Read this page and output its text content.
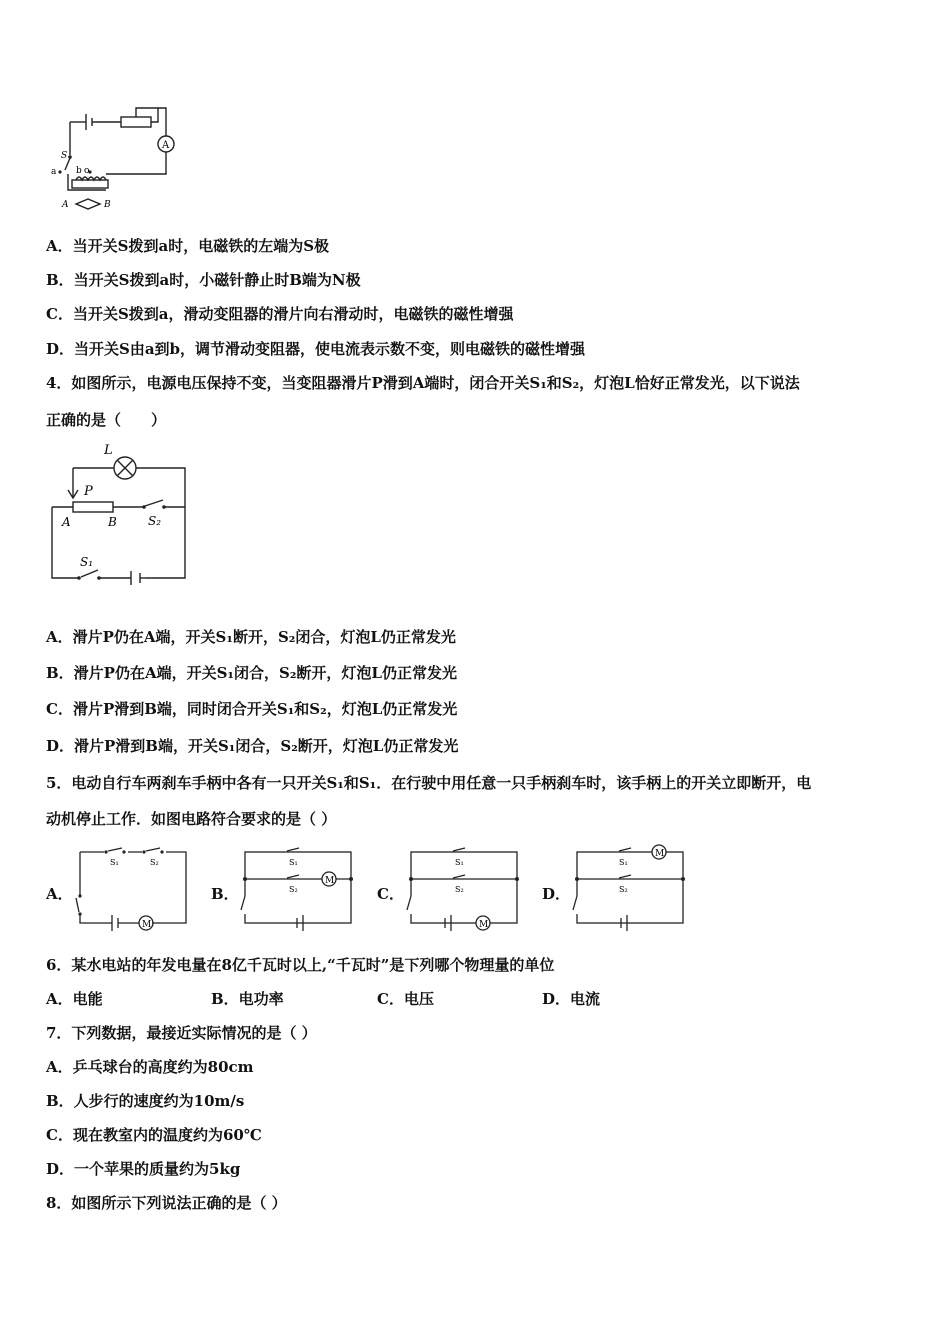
S
a b o
A
A	B
A．当开关S拨到a时，电磁铁的左端为S极
B．当开关S拨到a时，小磁针静止时B端为N极
C．当开关S拨到a，滑动变阻器的滑片向右滑动时，电磁铁的磁性增强
D．当开关S由a到b，调节滑动变阻器，使电流表示数不变，则电磁铁的磁性增强
4．如图所示，电源电压保持不变，当变阻器滑片P滑到A端时，闭合开关S₁和S₂，灯泡L恰好正常发光，以下说法
正确的是（　　）
L
P
A	B	S₂
S₁
A．滑片P仍在A端，开关S₁断开，S₂闭合，灯泡L仍正常发光
B．滑片P仍在A端，开关S₁闭合，S₂断开，灯泡L仍正常发光
C．滑片P滑到B端，同时闭合开关S₁和S₂，灯泡L仍正常发光
D．滑片P滑到B端，开关S₁闭合，S₂断开，灯泡L仍正常发光
5．电动自行车两刹车手柄中各有一只开关S₁和S₁．在行驶中用任意一只手柄刹车时，该手柄上的开关立即断开，电
动机停止工作．如图电路符合要求的是（ ）
A．	B．	C．	D．
S₁	S₂
M
S₁
S₂
M
S₁
S₂
M
S₁
S₂
M
6．某水电站的年发电量在8亿千瓦时以上,“千瓦时”是下列哪个物理量的单位
A．电能	B．电功率	C．电压	D．电流
7．下列数据，最接近实际情况的是（ ）
A．乒乓球台的高度约为80cm
B．人步行的速度约为10m/s
C．现在教室内的温度约为60℃
D．一个苹果的质量约为5kg
8．如图所示下列说法正确的是（ ）
